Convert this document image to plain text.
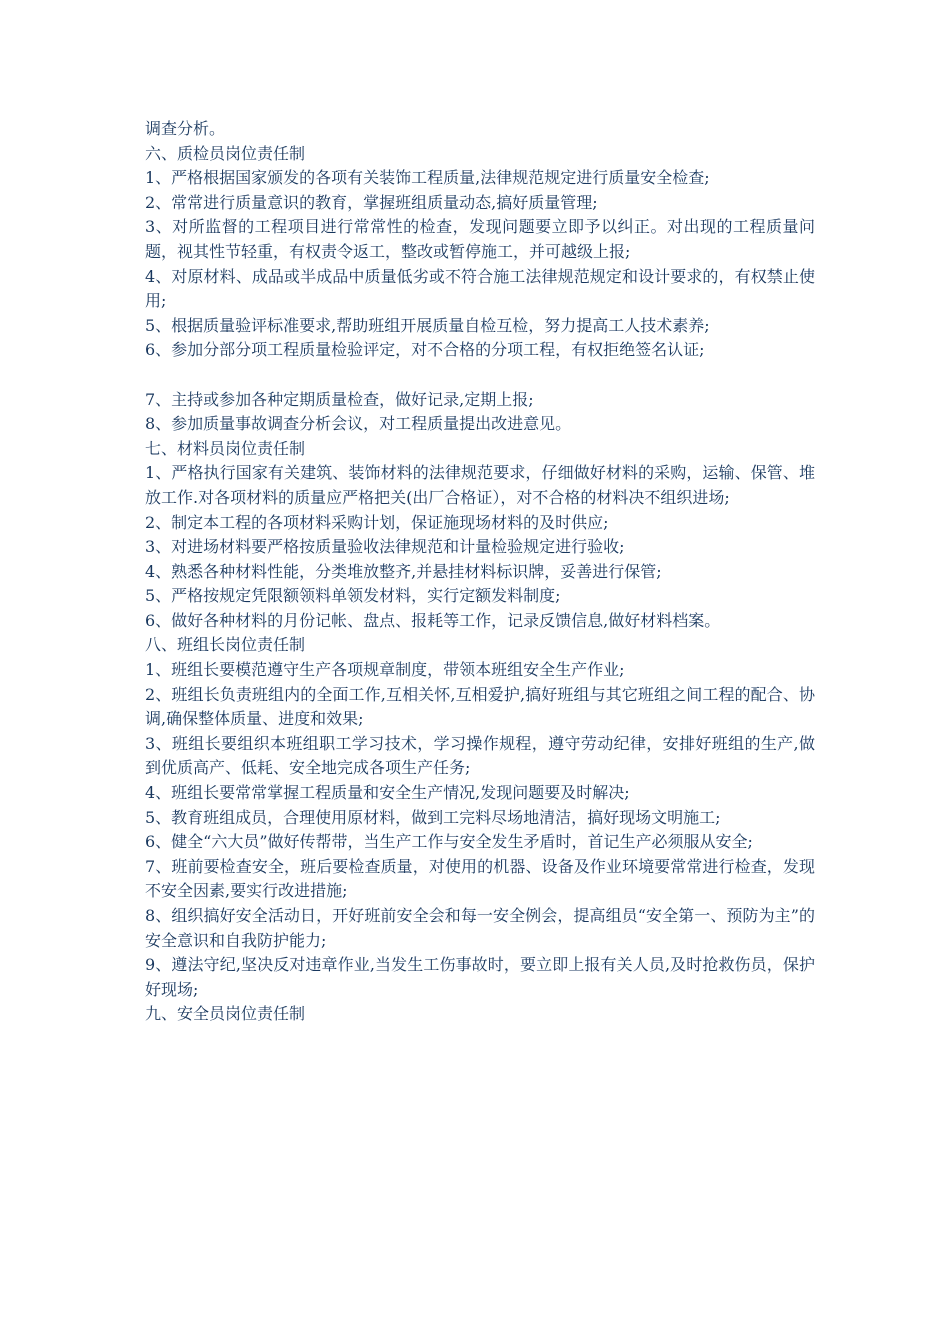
调查分析。

六、质检员岗位责任制

1、严格根据国家颁发的各项有关装饰工程质量,法律规范规定进行质量安全检查;

2、常常进行质量意识的教育，掌握班组质量动态,搞好质量管理;

3、对所监督的工程项目进行常常性的检查，发现问题要立即予以纠正。对出现的工程质量问题，视其性节轻重，有权责令返工，整改或暂停施工，并可越级上报;

4、对原材料、成品或半成品中质量低劣或不符合施工法律规范规定和设计要求的，有权禁止使用;

5、根据质量验评标准要求,帮助班组开展质量自检互检，努力提高工人技术素养;

6、参加分部分项工程质量检验评定，对不合格的分项工程，有权拒绝签名认证;

7、主持或参加各种定期质量检查，做好记录,定期上报;

8、参加质量事故调查分析会议，对工程质量提出改进意见。

七、材料员岗位责任制

1、严格执行国家有关建筑、装饰材料的法律规范要求，仔细做好材料的采购，运输、保管、堆放工作.对各项材料的质量应严格把关(出厂合格证），对不合格的材料决不组织进场;

2、制定本工程的各项材料采购计划，保证施现场材料的及时供应;

3、对进场材料要严格按质量验收法律规范和计量检验规定进行验收;

4、熟悉各种材料性能，分类堆放整齐,并悬挂材料标识牌，妥善进行保管;

5、严格按规定凭限额领料单领发材料，实行定额发料制度;

6、做好各种材料的月份记帐、盘点、报耗等工作，记录反馈信息,做好材料档案。

八、班组长岗位责任制

1、班组长要模范遵守生产各项规章制度，带领本班组安全生产作业;

2、班组长负责班组内的全面工作,互相关怀,互相爱护,搞好班组与其它班组之间工程的配合、协调,确保整体质量、进度和效果;

3、班组长要组织本班组职工学习技术，学习操作规程，遵守劳动纪律，安排好班组的生产,做到优质高产、低耗、安全地完成各项生产任务;

4、班组长要常常掌握工程质量和安全生产情况,发现问题要及时解决;

5、教育班组成员，合理使用原材料，做到工完料尽场地清洁，搞好现场文明施工;

6、健全“六大员”做好传帮带，当生产工作与安全发生矛盾时，首记生产必须服从安全;

7、班前要检查安全，班后要检查质量，对使用的机器、设备及作业环境要常常进行检查，发现不安全因素,要实行改进措施;

8、组织搞好安全活动日，开好班前安全会和每一安全例会，提高组员“安全第一、预防为主”的安全意识和自我防护能力;

9、遵法守纪,坚决反对违章作业,当发生工伤事故时，要立即上报有关人员,及时抢救伤员，保护好现场;

九、安全员岗位责任制
